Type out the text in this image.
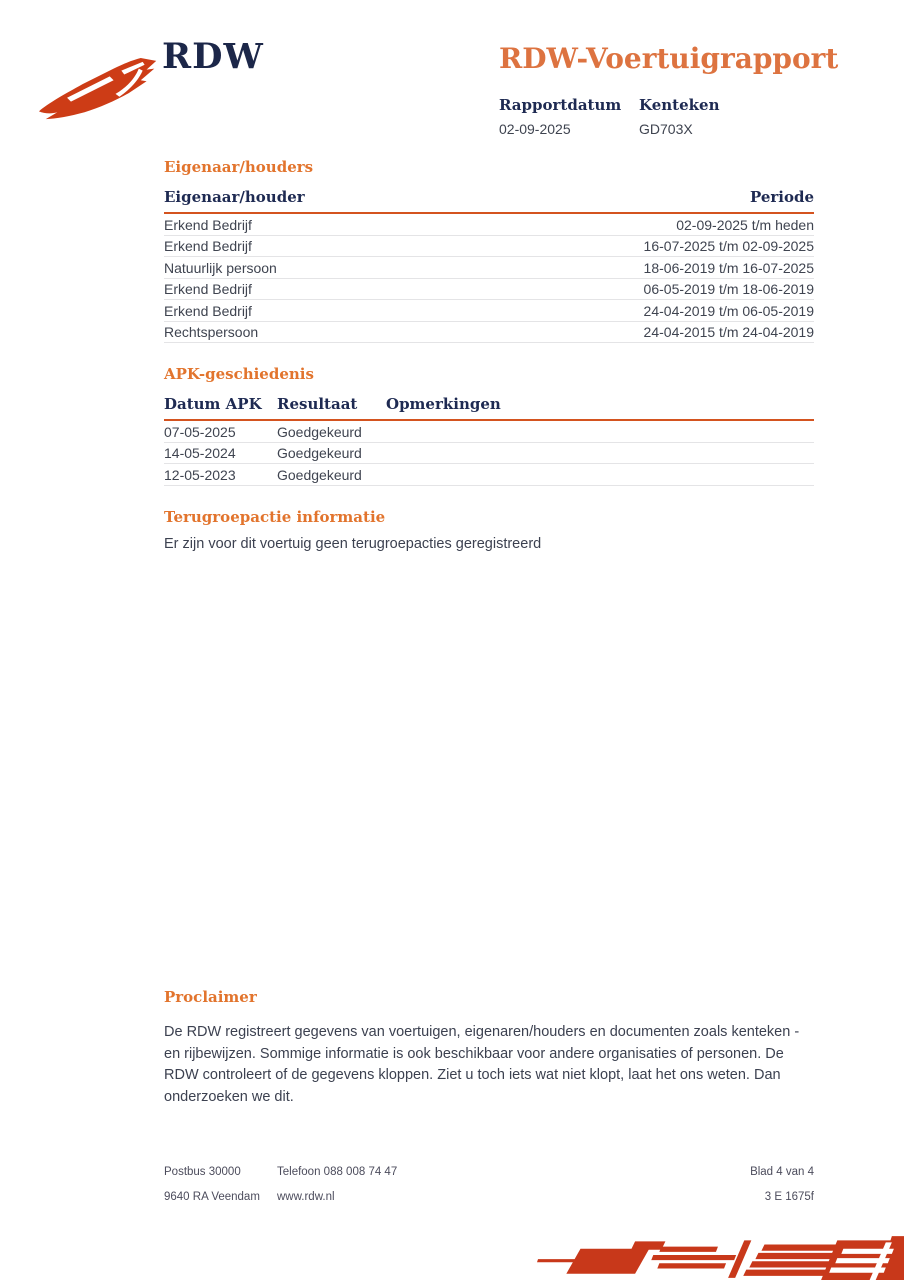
RDW	RDW-Voertuigrapport
Rapportdatum
02-09-2025
Kenteken
GD703X
Eigenaar/houders
Eigenaar/houder	Periode
Erkend Bedrijf	02-09-2025 t/m heden
Erkend Bedrijf	16-07-2025 t/m 02-09-2025
Natuurlijk persoon	18-06-2019 t/m 16-07-2025
Erkend Bedrijf	06-05-2019 t/m 18-06-2019
Erkend Bedrijf	24-04-2019 t/m 06-05-2019
Rechtspersoon	24-04-2015 t/m 24-04-2019
APK-geschiedenis
Datum APK	Resultaat	Opmerkingen
07-05-2025	Goedgekeurd
14-05-2024	Goedgekeurd
12-05-2023	Goedgekeurd
Terugroepactie informatie
Er zijn voor dit voertuig geen terugroepacties geregistreerd
Proclaimer
De RDW registreert gegevens van voertuigen, eigenaren/houders en documenten zoals kenteken - en rijbewijzen. Sommige informatie is ook beschikbaar voor andere organisaties of personen. De RDW controleert of de gegevens kloppen. Ziet u toch iets wat niet klopt, laat het ons weten. Dan onderzoeken we dit.
Postbus 30000	Telefoon 088 008 74 47	Blad 4 van 4
9640 RA Veendam	www.rdw.nl	3 E 1675f
